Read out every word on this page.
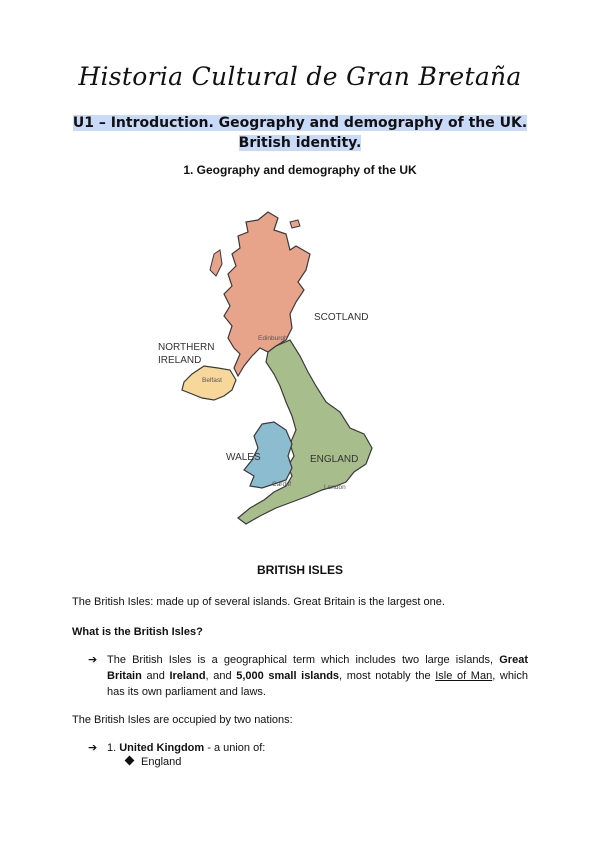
Historia Cultural de Gran Bretaña
U1 – Introduction. Geography and demography of the UK. British identity.
1. Geography and demography of the UK
SCOTLAND
NORTHERN
IRELAND
WALES	ENGLAND
Edinburgh
Belfast
Cardiff	London
BRITISH ISLES
The British Isles: made up of several islands. Great Britain is the largest one.
What is the British Isles?
➔ The British Isles is a geographical term which includes two large islands, Great Britain and Ireland, and 5,000 small islands, most notably the Isle of Man, which has its own parliament and laws.
The British Isles are occupied by two nations:
➔ 1. United Kingdom - a union of:
England
